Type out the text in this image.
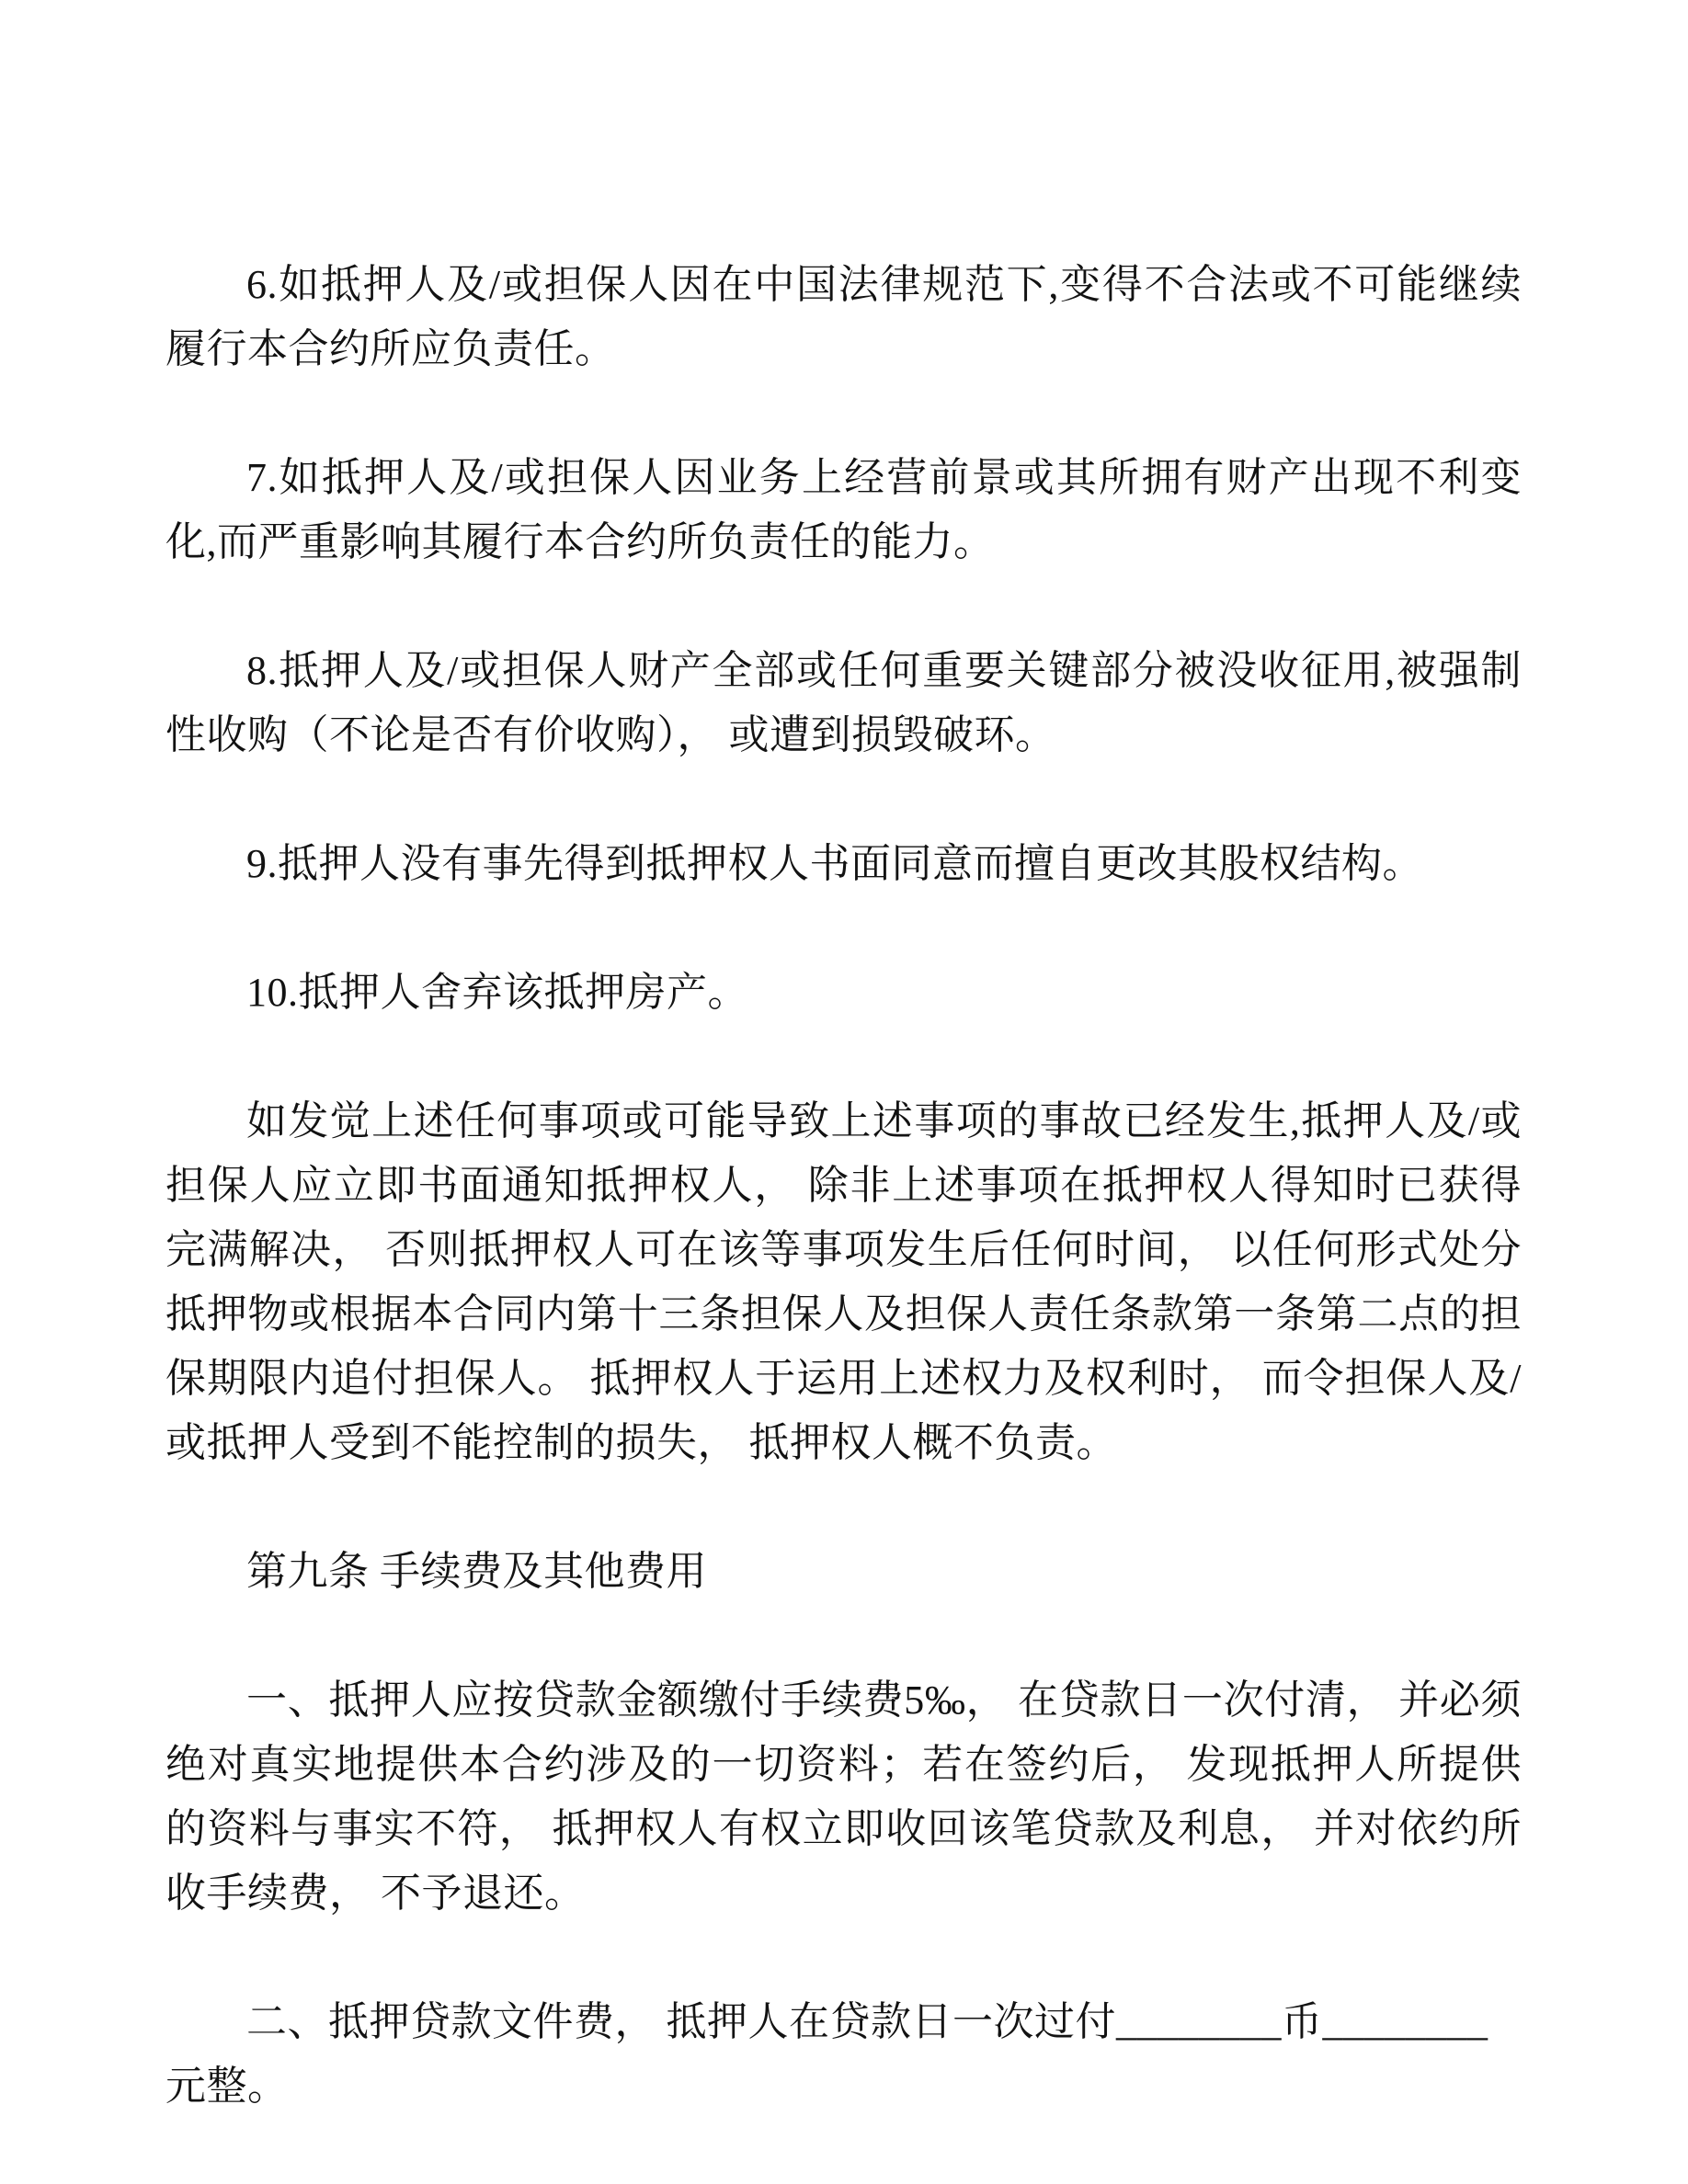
6.如抵押人及/或担保人因在中国法律规范下,变得不合法或不可能继续履行本合约所应负责任。

7.如抵押人及/或担保人因业务上经营前景或其所拥有财产出现不利变化,而严重影响其履行本合约所负责任的能力。

8.抵押人及/或担保人财产全部或任何重要关键部分被没收征用,被强制性收购（不论是否有价收购）， 或遭到损毁破环。

9.抵押人没有事先得到抵押权人书面同意而擅自更改其股权结构。

10.抵押人舍弃该抵押房产。

如发觉上述任何事项或可能导致上述事项的事故已经发生,抵押人及/或担保人应立即书面通知抵押权人， 除非上述事项在抵押权人得知时已获得完满解决， 否则抵押权人可在该等事项发生后任何时间， 以任何形式处分抵押物或根据本合同内第十三条担保人及担保人责任条款第一条第二点的担保期限内追付担保人。 抵押权人于运用上述权力及权利时， 而令担保人及/或抵押人受到不能控制的损失， 抵押权人概不负责。

第九条 手续费及其他费用

一、抵押人应按贷款金额缴付手续费5‰， 在贷款日一次付清， 并必须绝对真实地提供本合约涉及的一切资料；若在签约后， 发现抵押人所提供的资料与事实不符， 抵押权人有权立即收回该笔贷款及利息， 并对依约所收手续费， 不予退还。

二、抵押贷款文件费， 抵押人在贷款日一次过付________币________元整。
